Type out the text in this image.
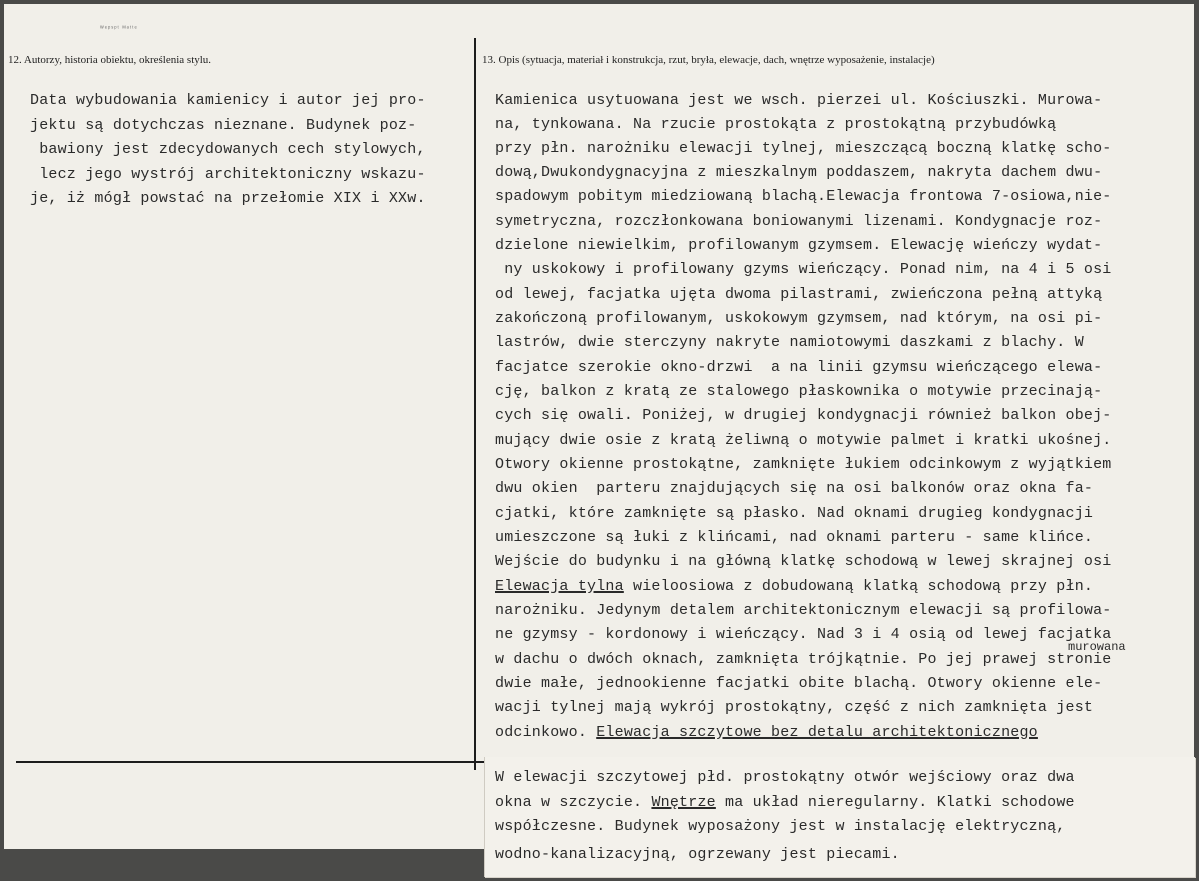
ᵂᵉᵖˢᵖᵗ ᴹᵃᵗᵗᵉ
12. Autorzy, historia obiektu, określenia stylu.	13. Opis (sytuacja, materiał i konstrukcja, rzut, bryła, elewacje, dach, wnętrze wyposażenie, instalacje)
Data wybudowania kamienicy i autor jej pro-
jektu są dotychczas nieznane. Budynek poz-
bawiony jest zdecydowanych cech stylowych,
lecz jego wystrój architektoniczny wskazu-
je, iż mógł powstać na przełomie XIX i XXw.
Kamienica usytuowana jest we wsch. pierzei ul. Kościuszki. Murowa-
na, tynkowana. Na rzucie prostokąta z prostokątną przybudówką
przy płn. narożniku elewacji tylnej, mieszczącą boczną klatkę scho-
dową,Dwukondygnacyjna z mieszkalnym poddaszem, nakryta dachem dwu-
spadowym pobitym miedziowaną blachą.Elewacja frontowa 7-osiowa,nie-
symetryczna, rozczłonkowana boniowanymi lizenami. Kondygnacje roz-
dzielone niewielkim, profilowanym gzymsem. Elewację wieńczy wydat-
ny uskokowy i profilowany gzyms wieńczący. Ponad nim, na 4 i 5 osi
od lewej, facjatka ujęta dwoma pilastrami, zwieńczona pełną attyką
zakończoną profilowanym, uskokowym gzymsem, nad którym, na osi pi-
lastrów, dwie sterczyny nakryte namiotowymi daszkami z blachy. W
facjatce szerokie okno-drzwi  a na linii gzymsu wieńczącego elewa-
cję, balkon z kratą ze stalowego płaskownika o motywie przecinają-
cych się owali. Poniżej, w drugiej kondygnacji również balkon obej-
mujący dwie osie z kratą żeliwną o motywie palmet i kratki ukośnej.
Otwory okienne prostokątne, zamknięte łukiem odcinkowym z wyjątkiem
dwu okien  parteru znajdujących się na osi balkonów oraz okna fa-
cjatki, które zamknięte są płasko. Nad oknami drugieg kondygnacji
umieszczone są łuki z klińcami, nad oknami parteru - same klińce.
Wejście do budynku i na główną klatkę schodową w lewej skrajnej osi
Elewacja tylna wieloosiowa z dobudowaną klatką schodową przy płn.
narożniku. Jedynym detalem architektonicznym elewacji są profilowa-
ne gzymsy - kordonowy i wieńczący. Nad 3 i 4 osią od lewej facjatka
w dachu o dwóch oknach, zamknięta trójkątnie. Po jej prawej stronie
dwie małe, jednookienne facjatki obite blachą. Otwory okienne ele-
wacji tylnej mają wykrój prostokątny, część z nich zamknięta jest
odcinkowo. Elewacja szczytowe bez detalu architektonicznego
murowana
W elewacji szczytowej płd. prostokątny otwór wejściowy oraz dwa
okna w szczycie. Wnętrze ma układ nieregularny. Klatki schodowe
współczesne. Budynek wyposażony jest w instalację elektryczną,
wodno-kanalizacyjną, ogrzewany jest piecami.
